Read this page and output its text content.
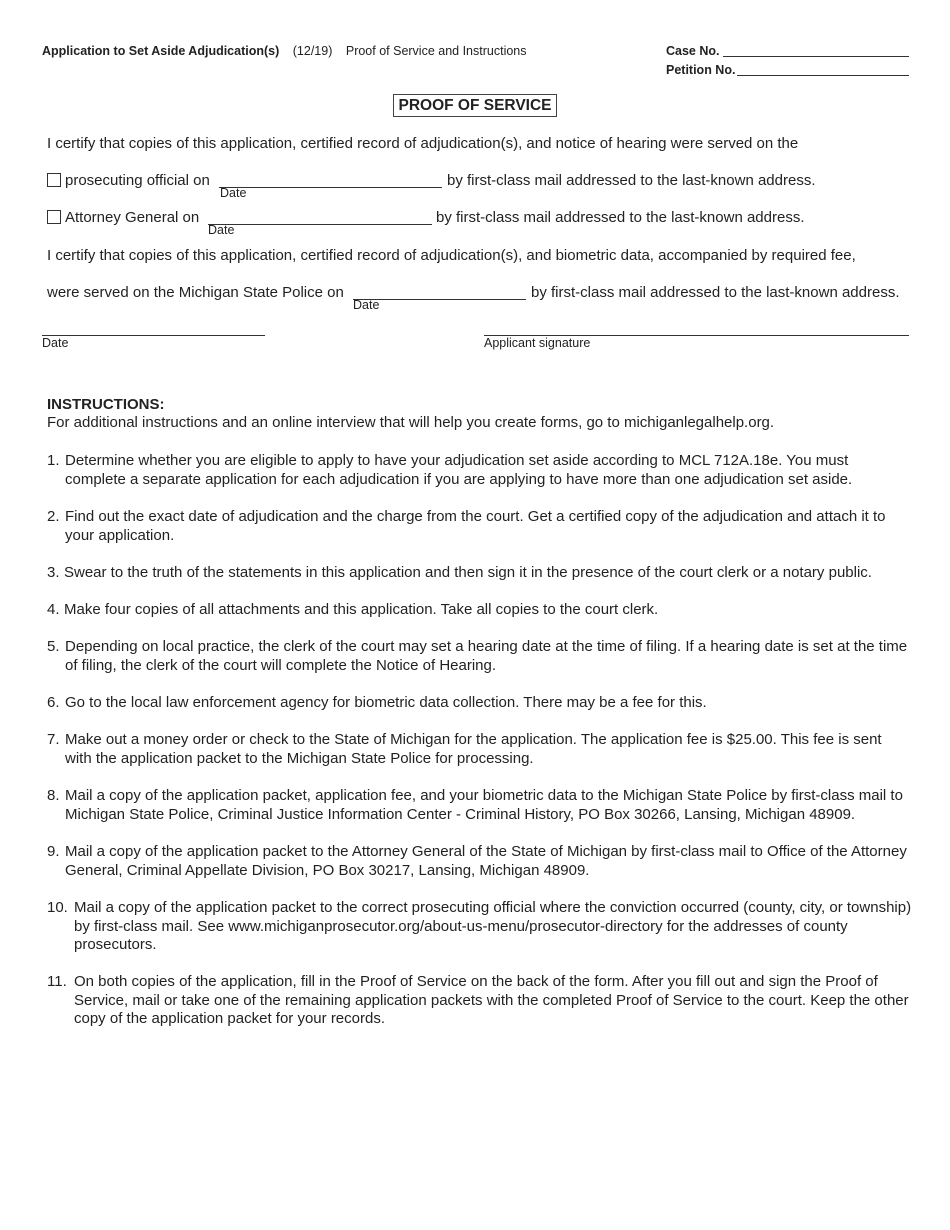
Application to Set Aside Adjudication(s) (12/19) Proof of Service and Instructions	Case No.
Petition No.
PROOF OF SERVICE
I certify that copies of this application, certified record of adjudication(s), and notice of hearing were served on the
prosecuting official on
Date
by first-class mail addressed to the last-known address.
Attorney General on
Date
by first-class mail addressed to the last-known address.
I certify that copies of this application, certified record of adjudication(s), and biometric data, accompanied by required fee,
were served on the Michigan State Police on
Date
by first-class mail addressed to the last-known address.
Date	Applicant signature
INSTRUCTIONS:
For additional instructions and an online interview that will help you create forms, go to michiganlegalhelp.org.
1. Determine whether you are eligible to apply to have your adjudication set aside according to MCL 712A.18e. You must complete a separate application for each adjudication if you are applying to have more than one adjudication set aside.
2. Find out the exact date of adjudication and the charge from the court. Get a certified copy of the adjudication and attach it to your application.
3. Swear to the truth of the statements in this application and then sign it in the presence of the court clerk or a notary public.
4. Make four copies of all attachments and this application. Take all copies to the court clerk.
5. Depending on local practice, the clerk of the court may set a hearing date at the time of filing. If a hearing date is set at the time of filing, the clerk of the court will complete the Notice of Hearing.
6. Go to the local law enforcement agency for biometric data collection. There may be a fee for this.
7. Make out a money order or check to the State of Michigan for the application. The application fee is $25.00. This fee is sent with the application packet to the Michigan State Police for processing.
8. Mail a copy of the application packet, application fee, and your biometric data to the Michigan State Police by first-class mail to Michigan State Police, Criminal Justice Information Center - Criminal History, PO Box 30266, Lansing, Michigan 48909.
9. Mail a copy of the application packet to the Attorney General of the State of Michigan by first-class mail to Office of the Attorney General, Criminal Appellate Division, PO Box 30217, Lansing, Michigan 48909.
10. Mail a copy of the application packet to the correct prosecuting official where the conviction occurred (county, city, or township) by first-class mail. See www.michiganprosecutor.org/about-us-menu/prosecutor-directory for the addresses of county prosecutors.
11. On both copies of the application, fill in the Proof of Service on the back of the form. After you fill out and sign the Proof of Service, mail or take one of the remaining application packets with the completed Proof of Service to the court. Keep the other copy of the application packet for your records.
